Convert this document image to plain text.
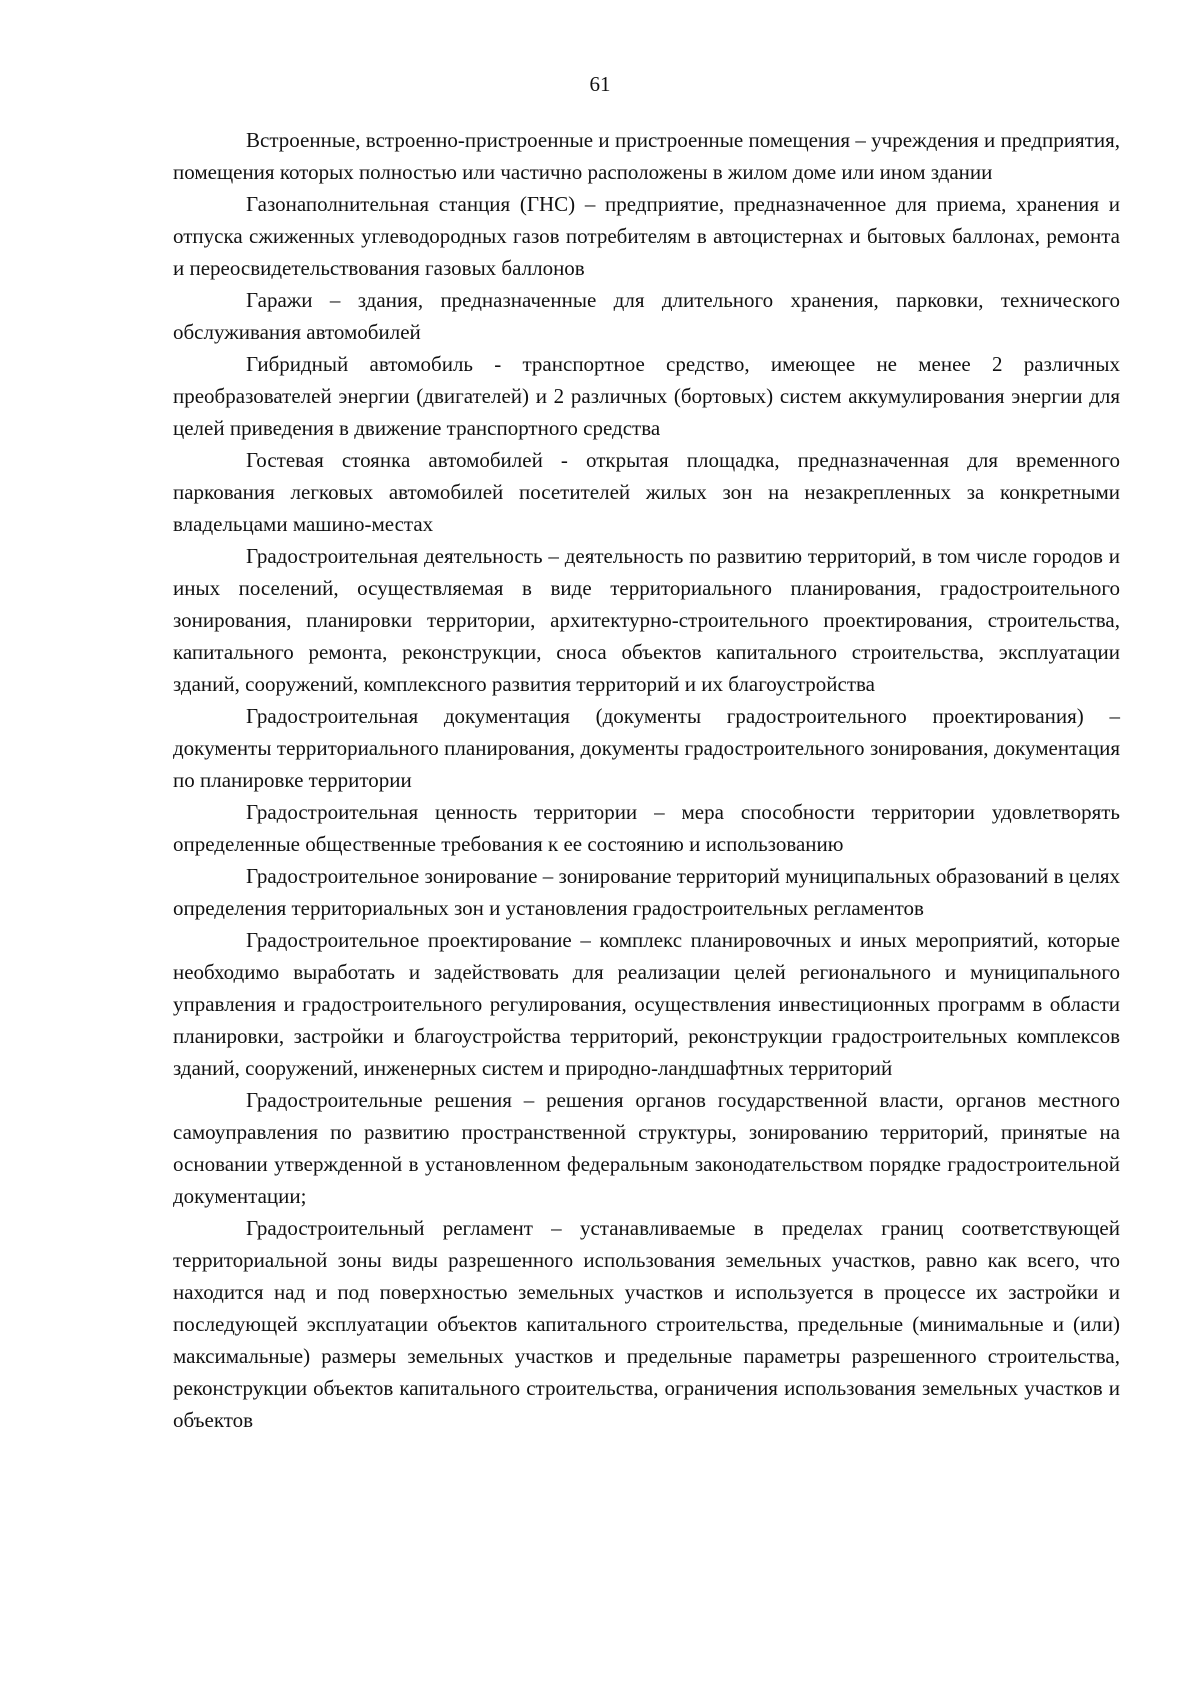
61

Встроенные, встроенно-пристроенные и пристроенные помещения – учреждения и предприятия, помещения которых полностью или частично расположены в жилом доме или ином здании

Газонаполнительная станция (ГНС) – предприятие, предназначенное для приема, хранения и отпуска сжиженных углеводородных газов потребителям в автоцистернах и бытовых баллонах, ремонта и переосвидетельствования газовых баллонов

Гаражи – здания, предназначенные для длительного хранения, парковки, технического обслуживания автомобилей

Гибридный автомобиль - транспортное средство, имеющее не менее 2 различных преобразователей энергии (двигателей) и 2 различных (бортовых) систем аккумулирования энергии для целей приведения в движение транспортного средства

Гостевая стоянка автомобилей - открытая площадка, предназначенная для временного паркования легковых автомобилей посетителей жилых зон на незакрепленных за конкретными владельцами машино-местах

Градостроительная деятельность – деятельность по развитию территорий, в том числе городов и иных поселений, осуществляемая в виде территориального планирования, градостроительного зонирования, планировки территории, архитектурно-строительного проектирования, строительства, капитального ремонта, реконструкции, сноса объектов капитального строительства, эксплуатации зданий, сооружений, комплексного развития территорий и их благоустройства

Градостроительная документация (документы градостроительного проектирования) – документы территориального планирования, документы градостроительного зонирования, документация по планировке территории

Градостроительная ценность территории – мера способности территории удовлетворять определенные общественные требования к ее состоянию и использованию

Градостроительное зонирование – зонирование территорий муниципальных образований в целях определения территориальных зон и установления градостроительных регламентов

Градостроительное проектирование – комплекс планировочных и иных мероприятий, которые необходимо выработать и задействовать для реализации целей регионального и муниципального управления и градостроительного регулирования, осуществления инвестиционных программ в области планировки, застройки и благоустройства территорий, реконструкции градостроительных комплексов зданий, сооружений, инженерных систем и природно-ландшафтных территорий

Градостроительные решения – решения органов государственной власти, органов местного самоуправления по развитию пространственной структуры, зонированию территорий, принятые на основании утвержденной в установленном федеральным законодательством порядке градостроительной документации;

Градостроительный регламент – устанавливаемые в пределах границ соответствующей территориальной зоны виды разрешенного использования земельных участков, равно как всего, что находится над и под поверхностью земельных участков и используется в процессе их застройки и последующей эксплуатации объектов капитального строительства, предельные (минимальные и (или) максимальные) размеры земельных участков и предельные параметры разрешенного строительства, реконструкции объектов капитального строительства, ограничения использования земельных участков и объектов
